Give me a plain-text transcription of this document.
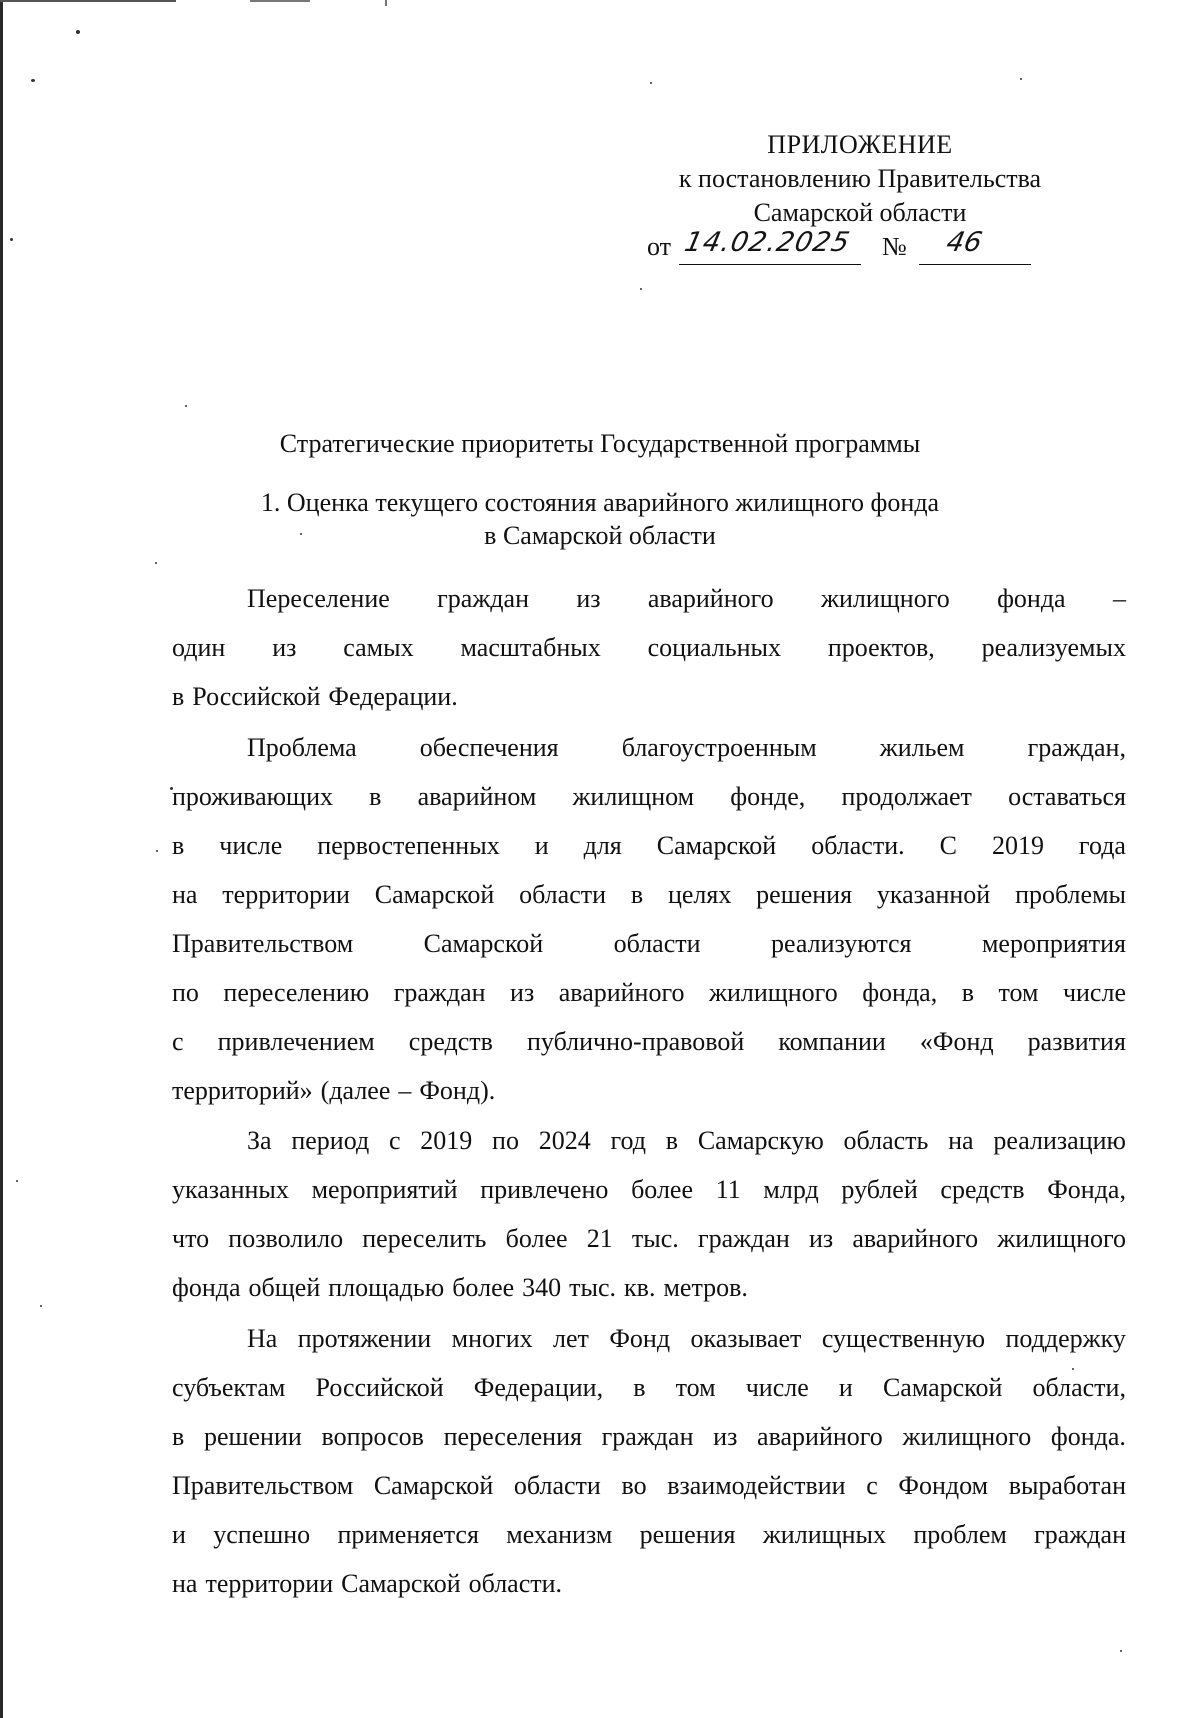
ПРИЛОЖЕНИЕ
к постановлению Правительства
Самарской области
от 14.02.2025 № 46
Стратегические приоритеты Государственной программы
1. Оценка текущего состояния аварийного жилищного фонда
в Самарской области
Переселение граждан из аварийного жилищного фонда –
один из самых масштабных социальных проектов, реализуемых
в Российской Федерации.
Проблема обеспечения благоустроенным жильем граждан,
проживающих в аварийном жилищном фонде, продолжает оставаться
в числе первостепенных и для Самарской области. С 2019 года
на территории Самарской области в целях решения указанной проблемы
Правительством	Самарской	области	реализуются	мероприятия
по переселению граждан из аварийного жилищного фонда, в том числе
с привлечением средств публично-правовой компании «Фонд развития
территорий» (далее – Фонд).
За период с 2019 по 2024 год в Самарскую область на реализацию
указанных мероприятий привлечено более 11 млрд рублей средств Фонда,
что позволило переселить более 21 тыс. граждан из аварийного жилищного
фонда общей площадью более 340 тыс. кв. метров.
На протяжении многих лет Фонд оказывает существенную поддержку
субъектам Российской Федерации, в том числе и Самарской области,
в решении вопросов переселения граждан из аварийного жилищного фонда.
Правительством Самарской области во взаимодействии с Фондом выработан
и успешно применяется механизм решения жилищных проблем граждан
на территории Самарской области.
